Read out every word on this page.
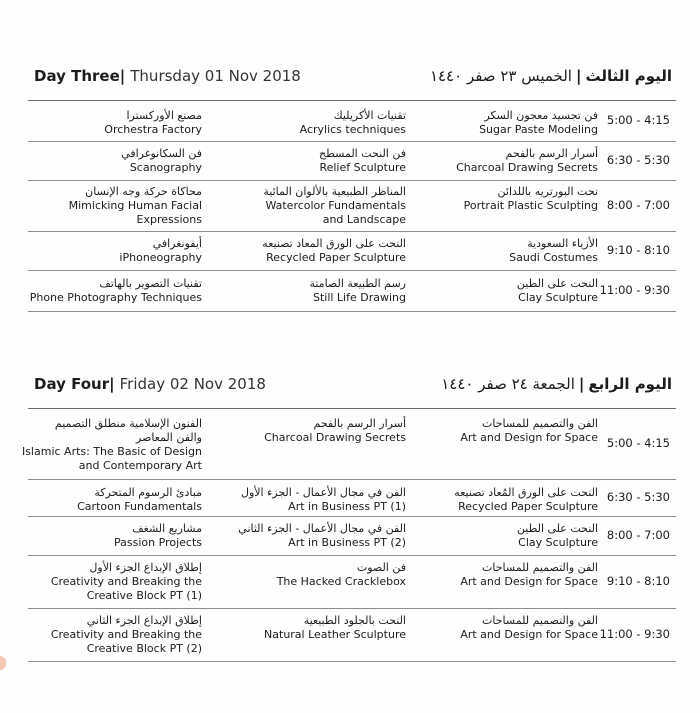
Day Three| Thursday 01 Nov 2018	اليوم الثالث|الخميس ٢٣ صفر ١٤٤٠
مصنع الأوركسترا
Orchestra Factory
تقنيات الأكريليك
Acrylics techniques
فن تجسيد معجون السكر
Sugar Paste Modeling
5:00 - 4:15
فن السكانوغرافي
Scanography
فن النحت المسطح
Relief Sculpture
أسرار الرسم بالفحم
Charcoal Drawing Secrets
6:30 - 5:30
محاكاة حركة وجه الإنسان
Mimicking Human Facial
Expressions
المناظر الطبيعية بالألوان المائية
Watercolor Fundamentals
and Landscape
نحت البورتريه باللدائن
Portrait Plastic Sculpting 8:00 - 7:00
أيفونغرافي
iPhoneography
النحت على الورق المعاد تصنيعه
Recycled Paper Sculpture
الأزياء السعودية
Saudi Costumes
9:10 - 8:10
تقنيات التصوير بالهاتف
Phone Photography Techniques
رسم الطبيعة الصامتة
Still Life Drawing
النحت على الطين
Clay Sculpture
11:00 - 9:30
Day Four| Friday 02 Nov 2018	اليوم الرابع|الجمعة ٢٤ صفر ١٤٤٠
الفنون الإسلامية منطلق التصميم
والفن المعاصر
Islamic Arts: The Basic of Design
and Contemporary Art
أسرار الرسم بالفحم
Charcoal Drawing Secrets
الفن والتصميم للمساحات
Art and Design for Space 5:00 - 4:15
مبادئ الرسوم المتحركة
Cartoon Fundamentals
الفن في مجال الأعمال - الجزء الأول
Art in Business PT (1)
النحت على الورق المُعاد تصنيعه
Recycled Paper Sculpture
6:30 - 5:30
مشاريع الشغف
Passion Projects
الفن في مجال الأعمال - الجزء الثاني
Art in Business PT (2)
النحت على الطين
Clay Sculpture
8:00 - 7:00
إطلاق الإبداع الجزء الأول
Creativity and Breaking the
Creative Block PT (1)
فن الصوت
The Hacked Cracklebox
الفن والتصميم للمساحات
Art and Design for Space 9:10 - 8:10
إطلاق الإبداع الجزء الثاني
Creativity and Breaking the
Creative Block PT (2)
النحت بالجلود الطبيعية
Natural Leather Sculpture
الفن والتصميم للمساحات
Art and Design for Space 11:00 - 9:30
